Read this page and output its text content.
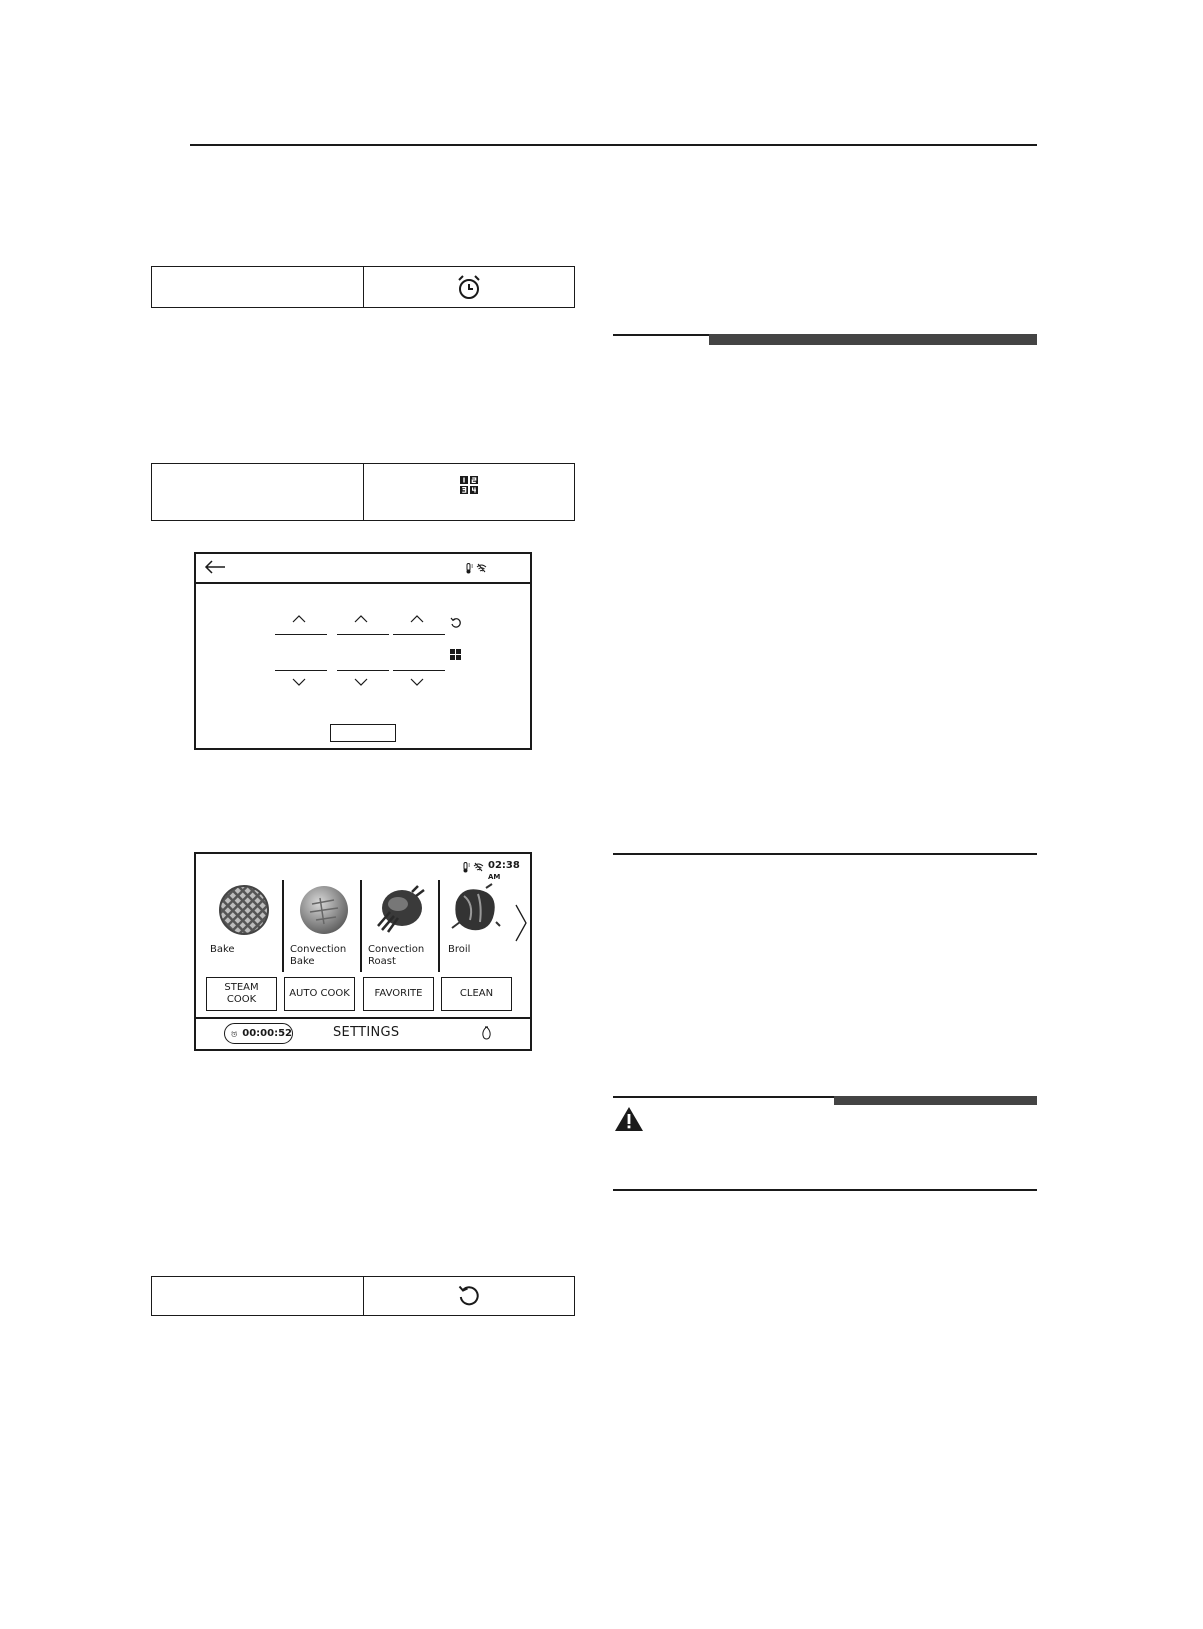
02:38 AM
Bake	Convection
Bake
Convection
Roast
Broil
STEAM
COOK
AUTO COOK	FAVORITE	CLEAN
00:00:52	SETTINGS
